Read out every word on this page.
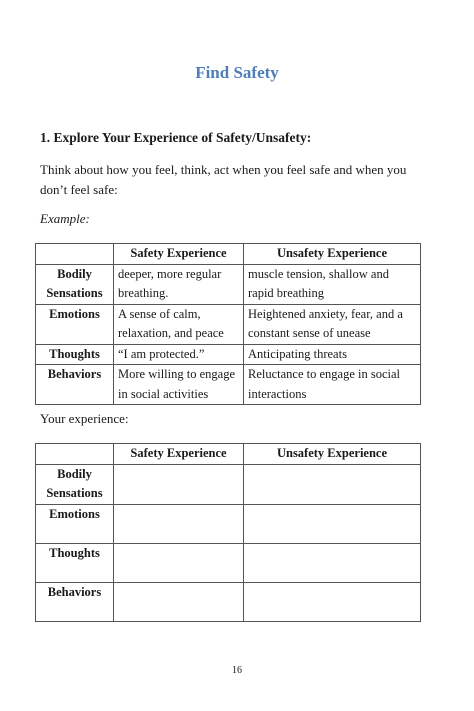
Find Safety
1. Explore Your Experience of Safety/Unsafety:
Think about how you feel, think, act when you feel safe and when you don’t feel safe:
Example:
	Safety Experience	Unsafety Experience
Bodily Sensations	deeper, more regular breathing.	muscle tension, shallow and rapid breathing
Emotions	A sense of calm, relaxation, and peace	Heightened anxiety, fear, and a constant sense of unease
Thoughts	“I am protected.”	Anticipating threats
Behaviors	More willing to engage in social activities	Reluctance to engage in social interactions
Your experience:
	Safety Experience	Unsafety Experience
Bodily Sensations		
Emotions		
Thoughts		
Behaviors		
16
